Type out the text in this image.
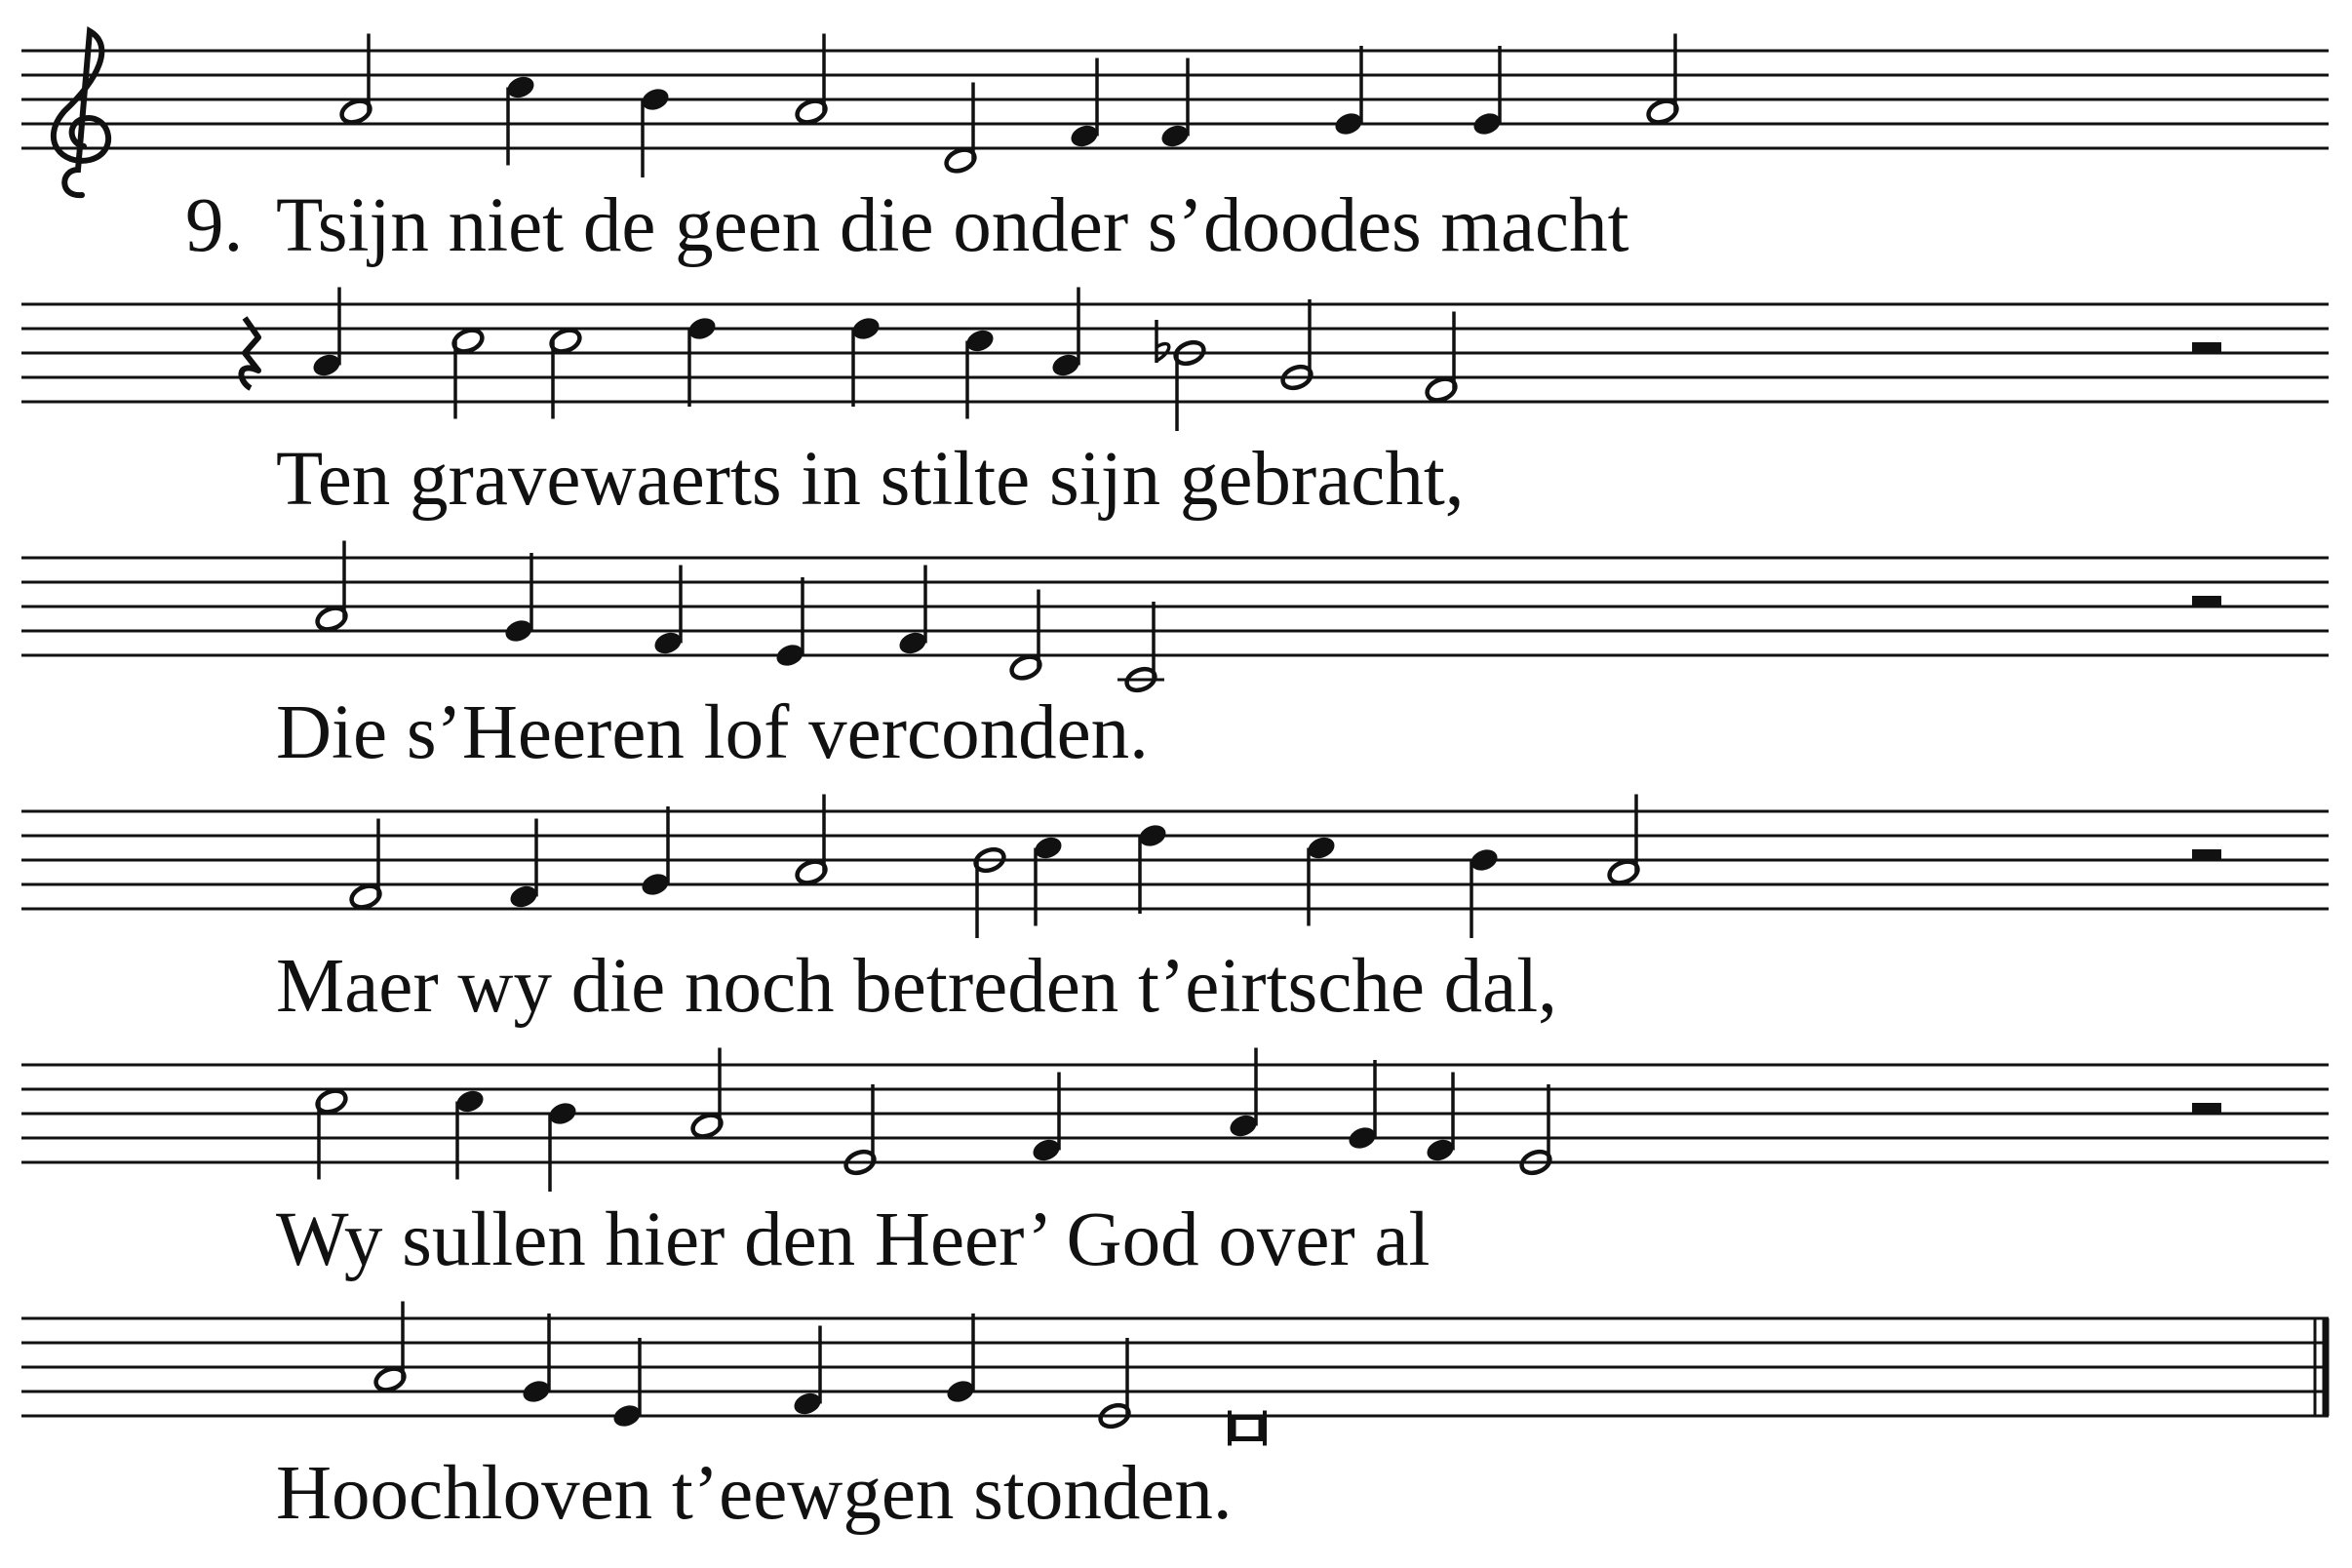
9. Tsijn niet de geen die onder s’doodes macht
Ten gravewaerts in stilte sijn gebracht,
Die s’Heeren lof verconden.
Maer wy die noch betreden t’eirtsche dal,
Wy sullen hier den Heer’ God over al
Hoochloven t’eewgen stonden.
